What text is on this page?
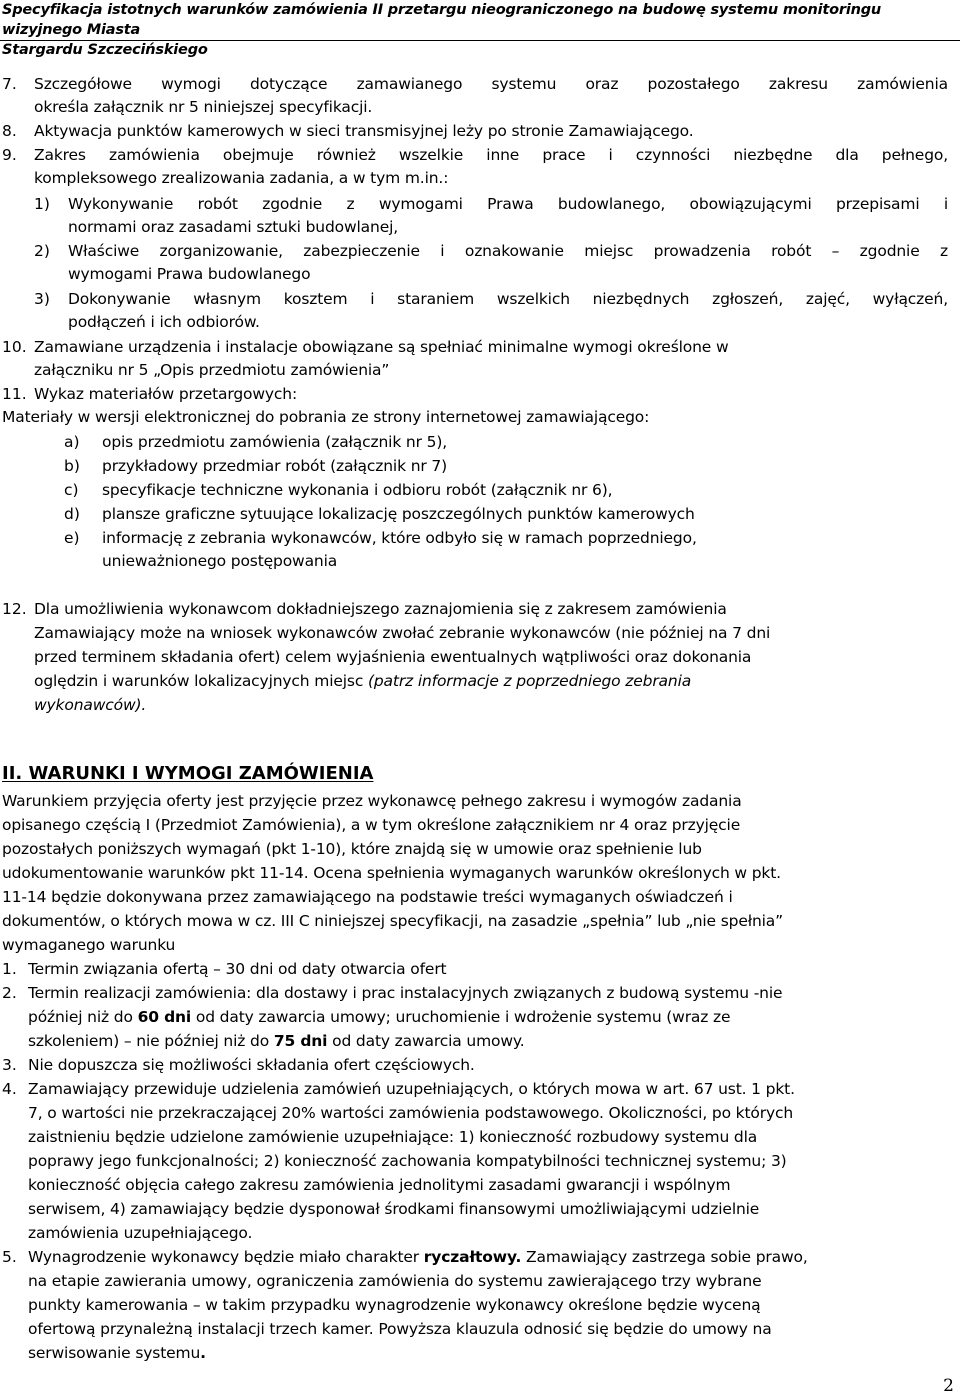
Specyfikacja istotnych warunków zamówienia II przetargu nieograniczonego na budowę systemu monitoringu wizyjnego Miasta
Stargardu Szczecińskiego
7. Szczegółowe wymogi dotyczące zamawianego systemu oraz pozostałego zakresu zamówienia
określa załącznik nr 5 niniejszej specyfikacji.
8. Aktywacja punktów kamerowych w sieci transmisyjnej leży po stronie Zamawiającego.
9. Zakres zamówienia obejmuje również wszelkie inne prace i czynności niezbędne dla pełnego,
kompleksowego zrealizowania zadania, a w tym m.in.:
1) Wykonywanie robót zgodnie z wymogami Prawa budowlanego, obowiązującymi przepisami i
normami oraz zasadami sztuki budowlanej,
2) Właściwe zorganizowanie, zabezpieczenie i oznakowanie miejsc prowadzenia robót – zgodnie z
wymogami Prawa budowlanego
3) Dokonywanie własnym kosztem i staraniem wszelkich niezbędnych zgłoszeń, zajęć, wyłączeń,
podłączeń i ich odbiorów.
10. Zamawiane urządzenia i instalacje obowiązane są spełniać minimalne wymogi określone w
załączniku nr 5 „Opis przedmiotu zamówienia”
11. Wykaz materiałów przetargowych:
Materiały w wersji elektronicznej do pobrania ze strony internetowej zamawiającego:
a) opis przedmiotu zamówienia (załącznik nr 5),
b) przykładowy przedmiar robót (załącznik nr 7)
c) specyfikacje techniczne wykonania i odbioru robót (załącznik nr 6),
d) plansze graficzne sytuujące lokalizację poszczególnych punktów kamerowych
e) informację z zebrania wykonawców, które odbyło się w ramach poprzedniego,
unieważnionego postępowania
12. Dla umożliwienia wykonawcom dokładniejszego zaznajomienia się z zakresem zamówienia
Zamawiający może na wniosek wykonawców zwołać zebranie wykonawców (nie później na 7 dni
przed terminem składania ofert) celem wyjaśnienia ewentualnych wątpliwości oraz dokonania
oględzin i warunków lokalizacyjnych miejsc (patrz informacje z poprzedniego zebrania
wykonawców).
II. WARUNKI I WYMOGI ZAMÓWIENIA
Warunkiem przyjęcia oferty jest przyjęcie przez wykonawcę pełnego zakresu i wymogów zadania
opisanego częścią I (Przedmiot Zamówienia), a w tym określone załącznikiem nr 4 oraz przyjęcie
pozostałych poniższych wymagań (pkt 1-10), które znajdą się w umowie oraz spełnienie lub
udokumentowanie warunków pkt 11-14. Ocena spełnienia wymaganych warunków określonych w pkt.
11-14 będzie dokonywana przez zamawiającego na podstawie treści wymaganych oświadczeń i
dokumentów, o których mowa w cz. III C niniejszej specyfikacji, na zasadzie „spełnia” lub „nie spełnia”
wymaganego warunku
1. Termin związania ofertą – 30 dni od daty otwarcia ofert
2. Termin realizacji zamówienia: dla dostawy i prac instalacyjnych związanych z budową systemu -nie
później niż do 60 dni od daty zawarcia umowy; uruchomienie i wdrożenie systemu (wraz ze
szkoleniem) – nie później niż do 75 dni od daty zawarcia umowy.
3. Nie dopuszcza się możliwości składania ofert częściowych.
4. Zamawiający przewiduje udzielenia zamówień uzupełniających, o których mowa w art. 67 ust. 1 pkt.
7, o wartości nie przekraczającej 20% wartości zamówienia podstawowego. Okoliczności, po których
zaistnieniu będzie udzielone zamówienie uzupełniające: 1) konieczność rozbudowy systemu dla
poprawy jego funkcjonalności; 2) konieczność zachowania kompatybilności technicznej systemu; 3)
konieczność objęcia całego zakresu zamówienia jednolitymi zasadami gwarancji i wspólnym
serwisem, 4) zamawiający będzie dysponował środkami finansowymi umożliwiającymi udzielnie
zamówienia uzupełniającego.
5. Wynagrodzenie wykonawcy będzie miało charakter ryczałtowy. Zamawiający zastrzega sobie prawo,
na etapie zawierania umowy, ograniczenia zamówienia do systemu zawierającego trzy wybrane
punkty kamerowania – w takim przypadku wynagrodzenie wykonawcy określone będzie wyceną
ofertową przynależną instalacji trzech kamer. Powyższa klauzula odnosić się będzie do umowy na
serwisowanie systemu.
2
